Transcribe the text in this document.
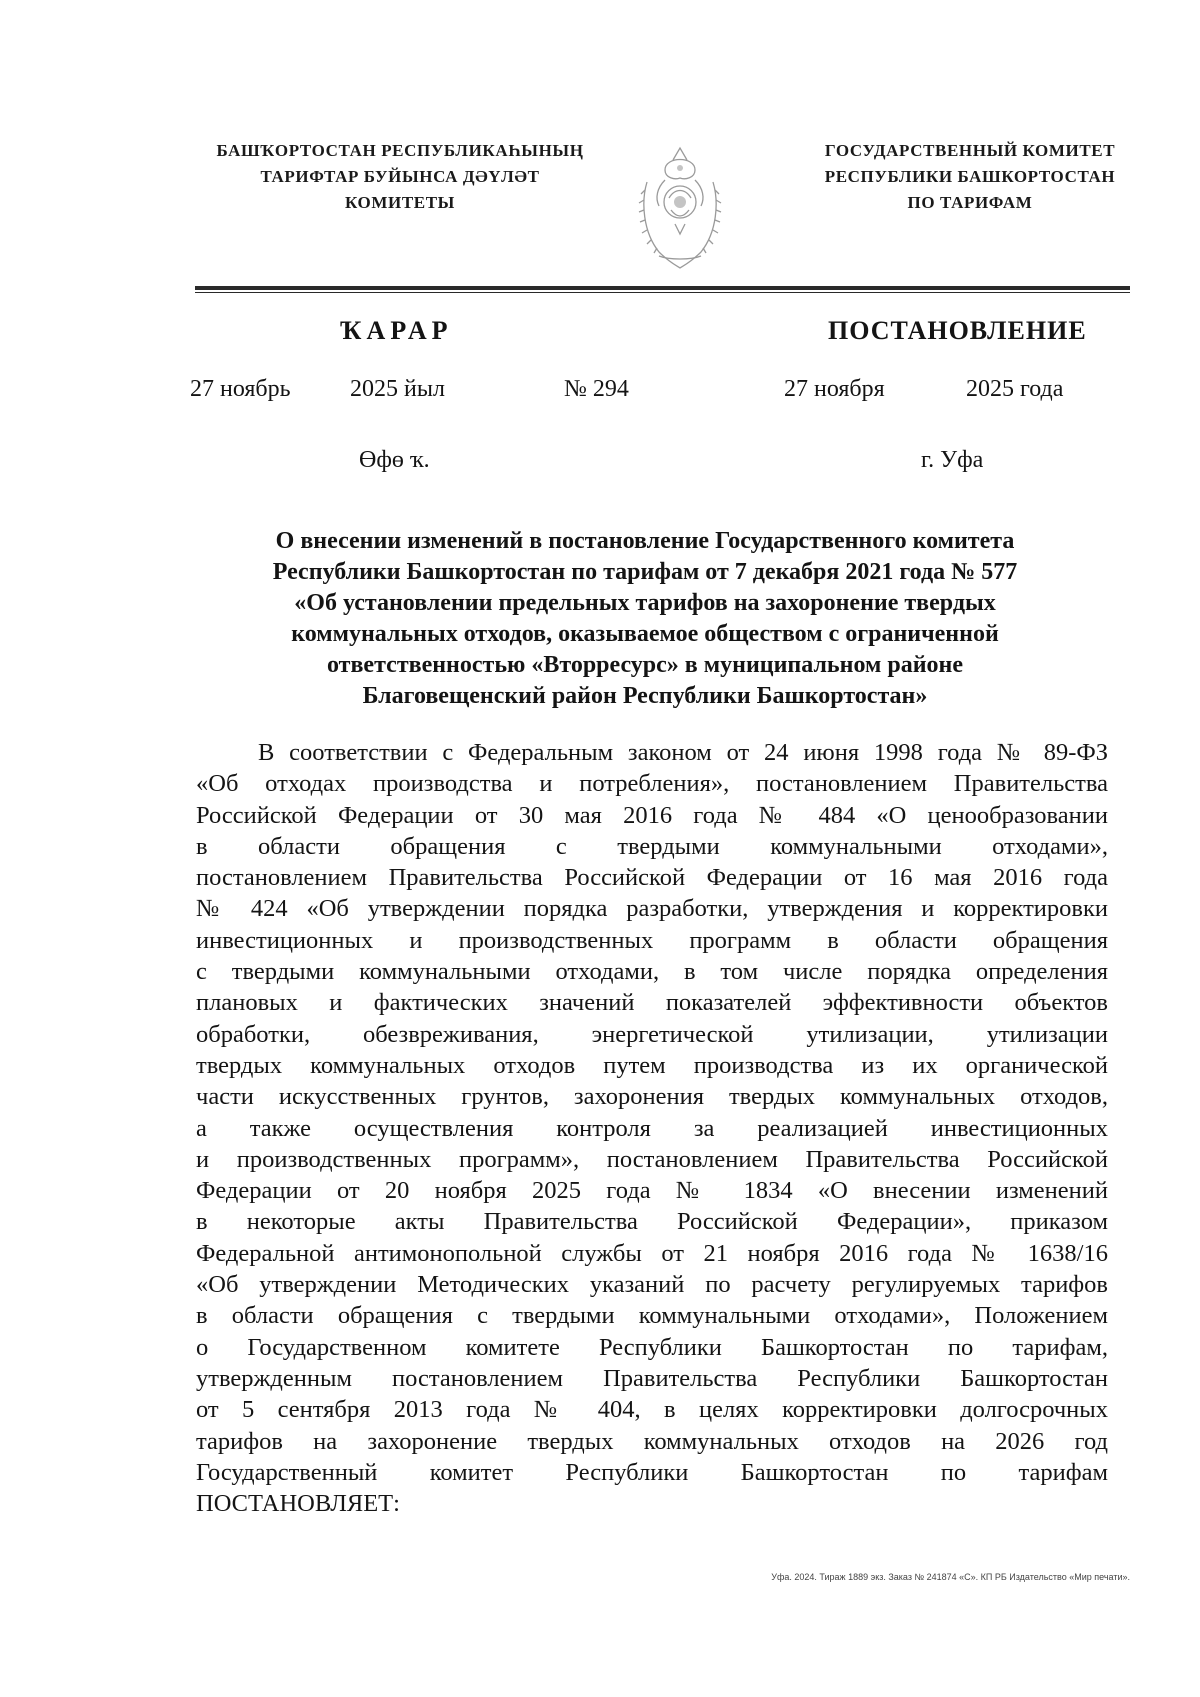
БАШҠОРТОСТАН РЕСПУБЛИКАҺЫНЫҢ
ТАРИФТАР БУЙЫНСА ДӘҮЛӘТ
КОМИТЕТЫ
ГОСУДАРСТВЕННЫЙ КОМИТЕТ
РЕСПУБЛИКИ БАШКОРТОСТАН
ПО ТАРИФАМ
ҠАРАР	ПОСТАНОВЛЕНИЕ
27 ноябрь 2025 йыл	№ 294	27 ноября	2025 года
Өфө ҡ.	г. Уфа
О внесении изменений в постановление Государственного комитета
Республики Башкортостан по тарифам от 7 декабря 2021 года № 577
«Об установлении предельных тарифов на захоронение твердых
коммунальных отходов, оказываемое обществом с ограниченной
ответственностью «Вторресурс» в муниципальном районе
Благовещенский район Республики Башкортостан»
В соответствии с Федеральным законом от 24 июня 1998 года № 89-ФЗ
«Об отходах производства и потребления», постановлением Правительства
Российской Федерации от 30 мая 2016 года № 484 «О ценообразовании
в области обращения с твердыми коммунальными отходами»,
постановлением Правительства Российской Федерации от 16 мая 2016 года
№ 424 «Об утверждении порядка разработки, утверждения и корректировки
инвестиционных и производственных программ в области обращения
с твердыми коммунальными отходами, в том числе порядка определения
плановых и фактических значений показателей эффективности объектов
обработки, обезвреживания, энергетической утилизации, утилизации
твердых коммунальных отходов путем производства из их органической
части искусственных грунтов, захоронения твердых коммунальных отходов,
а также осуществления контроля за реализацией инвестиционных
и производственных программ», постановлением Правительства Российской
Федерации от 20 ноября 2025 года № 1834 «О внесении изменений
в некоторые акты Правительства Российской Федерации», приказом
Федеральной антимонопольной службы от 21 ноября 2016 года № 1638/16
«Об утверждении Методических указаний по расчету регулируемых тарифов
в области обращения с твердыми коммунальными отходами», Положением
о Государственном комитете Республики Башкортостан по тарифам,
утвержденным постановлением Правительства Республики Башкортостан
от 5 сентября 2013 года № 404, в целях корректировки долгосрочных
тарифов на захоронение твердых коммунальных отходов на 2026 год
Государственный комитет Республики Башкортостан по тарифам
ПОСТАНОВЛЯЕТ:
Уфа. 2024. Тираж 1889 экз. Заказ № 241874 «С». КП РБ Издательство «Мир печати».
